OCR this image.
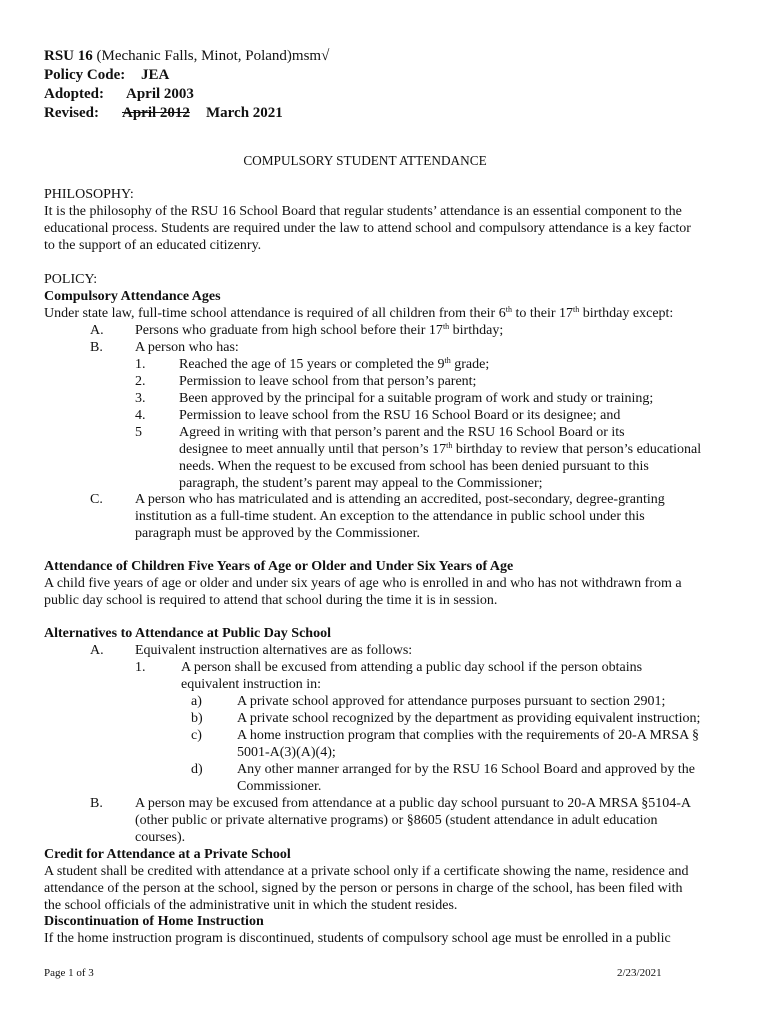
RSU 16 (Mechanic Falls, Minot, Poland)msm√
Policy Code: JEA
Adopted: April 2003
Revised: April 2012 March 2021
COMPULSORY STUDENT ATTENDANCE
PHILOSOPHY:
It is the philosophy of the RSU 16 School Board that regular students’ attendance is an essential component to the
educational process. Students are required under the law to attend school and compulsory attendance is a key factor
to the support of an educated citizenry.
POLICY:
Compulsory Attendance Ages
Under state law, full-time school attendance is required of all children from their 6th to their 17th birthday except:
A. Persons who graduate from high school before their 17th birthday;
B. A person who has:
1. Reached the age of 15 years or completed the 9th grade;
2. Permission to leave school from that person’s parent;
3. Been approved by the principal for a suitable program of work and study or training;
4. Permission to leave school from the RSU 16 School Board or its designee; and
5	Agreed in writing with that person’s parent and the RSU 16 School Board or its
designee to meet annually until that person’s 17th birthday to review that person’s educational
needs. When the request to be excused from school has been denied pursuant to this
paragraph, the student’s parent may appeal to the Commissioner;
C. A person who has matriculated and is attending an accredited, post-secondary, degree-granting
institution as a full-time student. An exception to the attendance in public school under this
paragraph must be approved by the Commissioner.
Attendance of Children Five Years of Age or Older and Under Six Years of Age
A child five years of age or older and under six years of age who is enrolled in and who has not withdrawn from a
public day school is required to attend that school during the time it is in session.
Alternatives to Attendance at Public Day School
A. Equivalent instruction alternatives are as follows:
1.	A person shall be excused from attending a public day school if the person obtains
equivalent instruction in:
a)	A private school approved for attendance purposes pursuant to section 2901;
b) A private school recognized by the department as providing equivalent instruction;
c)	A home instruction program that complies with the requirements of 20-A MRSA §
5001-A(3)(A)(4);
d) Any other manner arranged for by the RSU 16 School Board and approved by the
Commissioner.
B. A person may be excused from attendance at a public day school pursuant to 20-A MRSA §5104-A
(other public or private alternative programs) or §8605 (student attendance in adult education
courses).
Credit for Attendance at a Private School
A student shall be credited with attendance at a private school only if a certificate showing the name, residence and
attendance of the person at the school, signed by the person or persons in charge of the school, has been filed with
the school officials of the administrative unit in which the student resides.
Discontinuation of Home Instruction
If the home instruction program is discontinued, students of compulsory school age must be enrolled in a public
Page 1 of 3	2/23/2021
